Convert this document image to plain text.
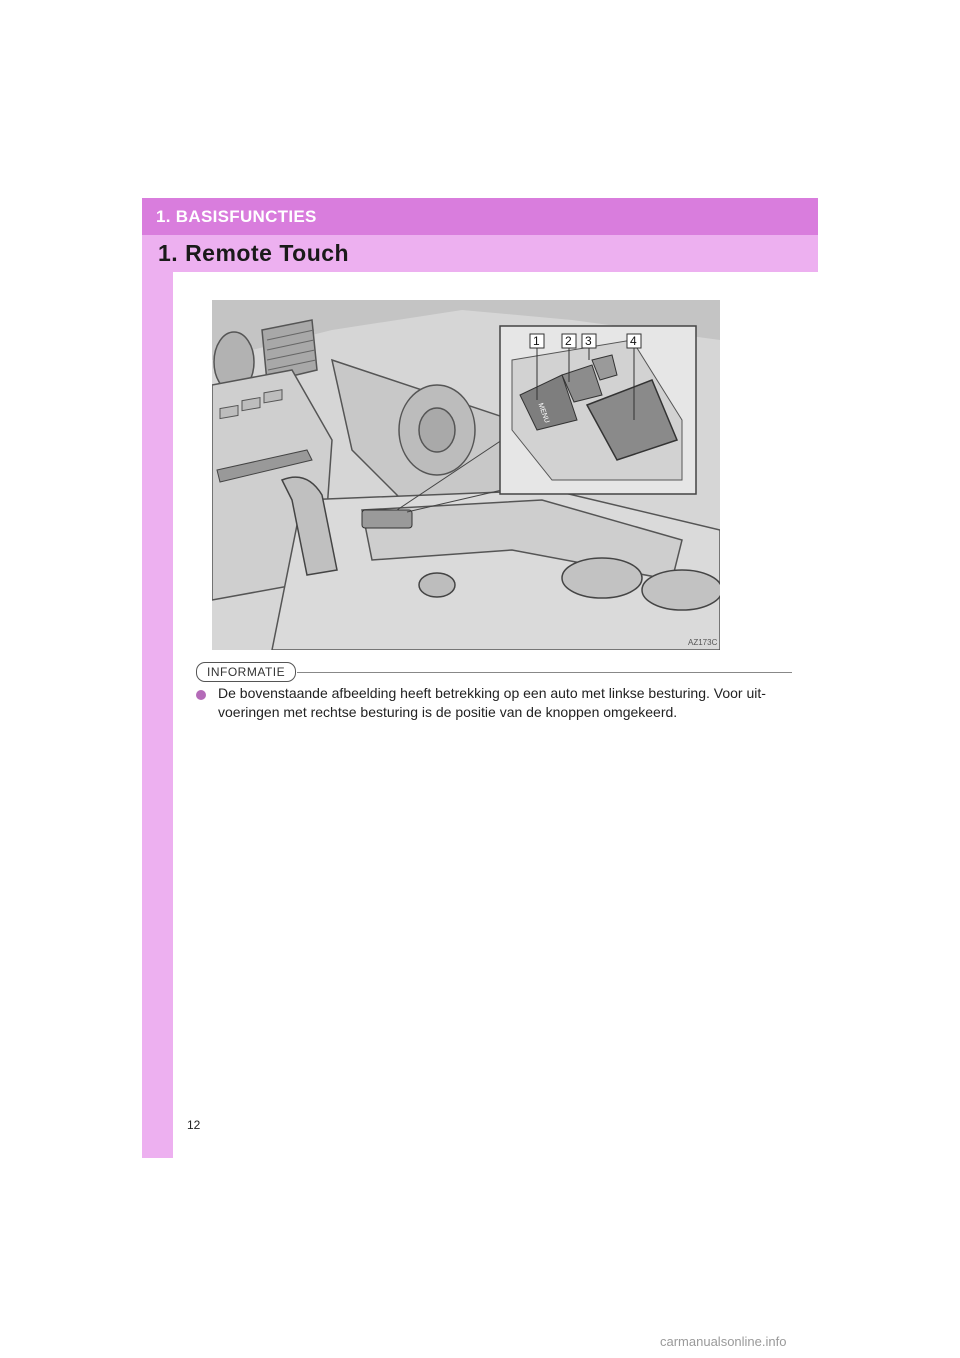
1. BASISFUNCTIES
1. Remote Touch
MENU
1 2 3	4
AZ173C
INFORMATIE
De bovenstaande afbeelding heeft betrekking op een auto met linkse besturing. Voor uit-voeringen met rechtse besturing is de positie van de knoppen omgekeerd.
12
carmanualsonline.info
